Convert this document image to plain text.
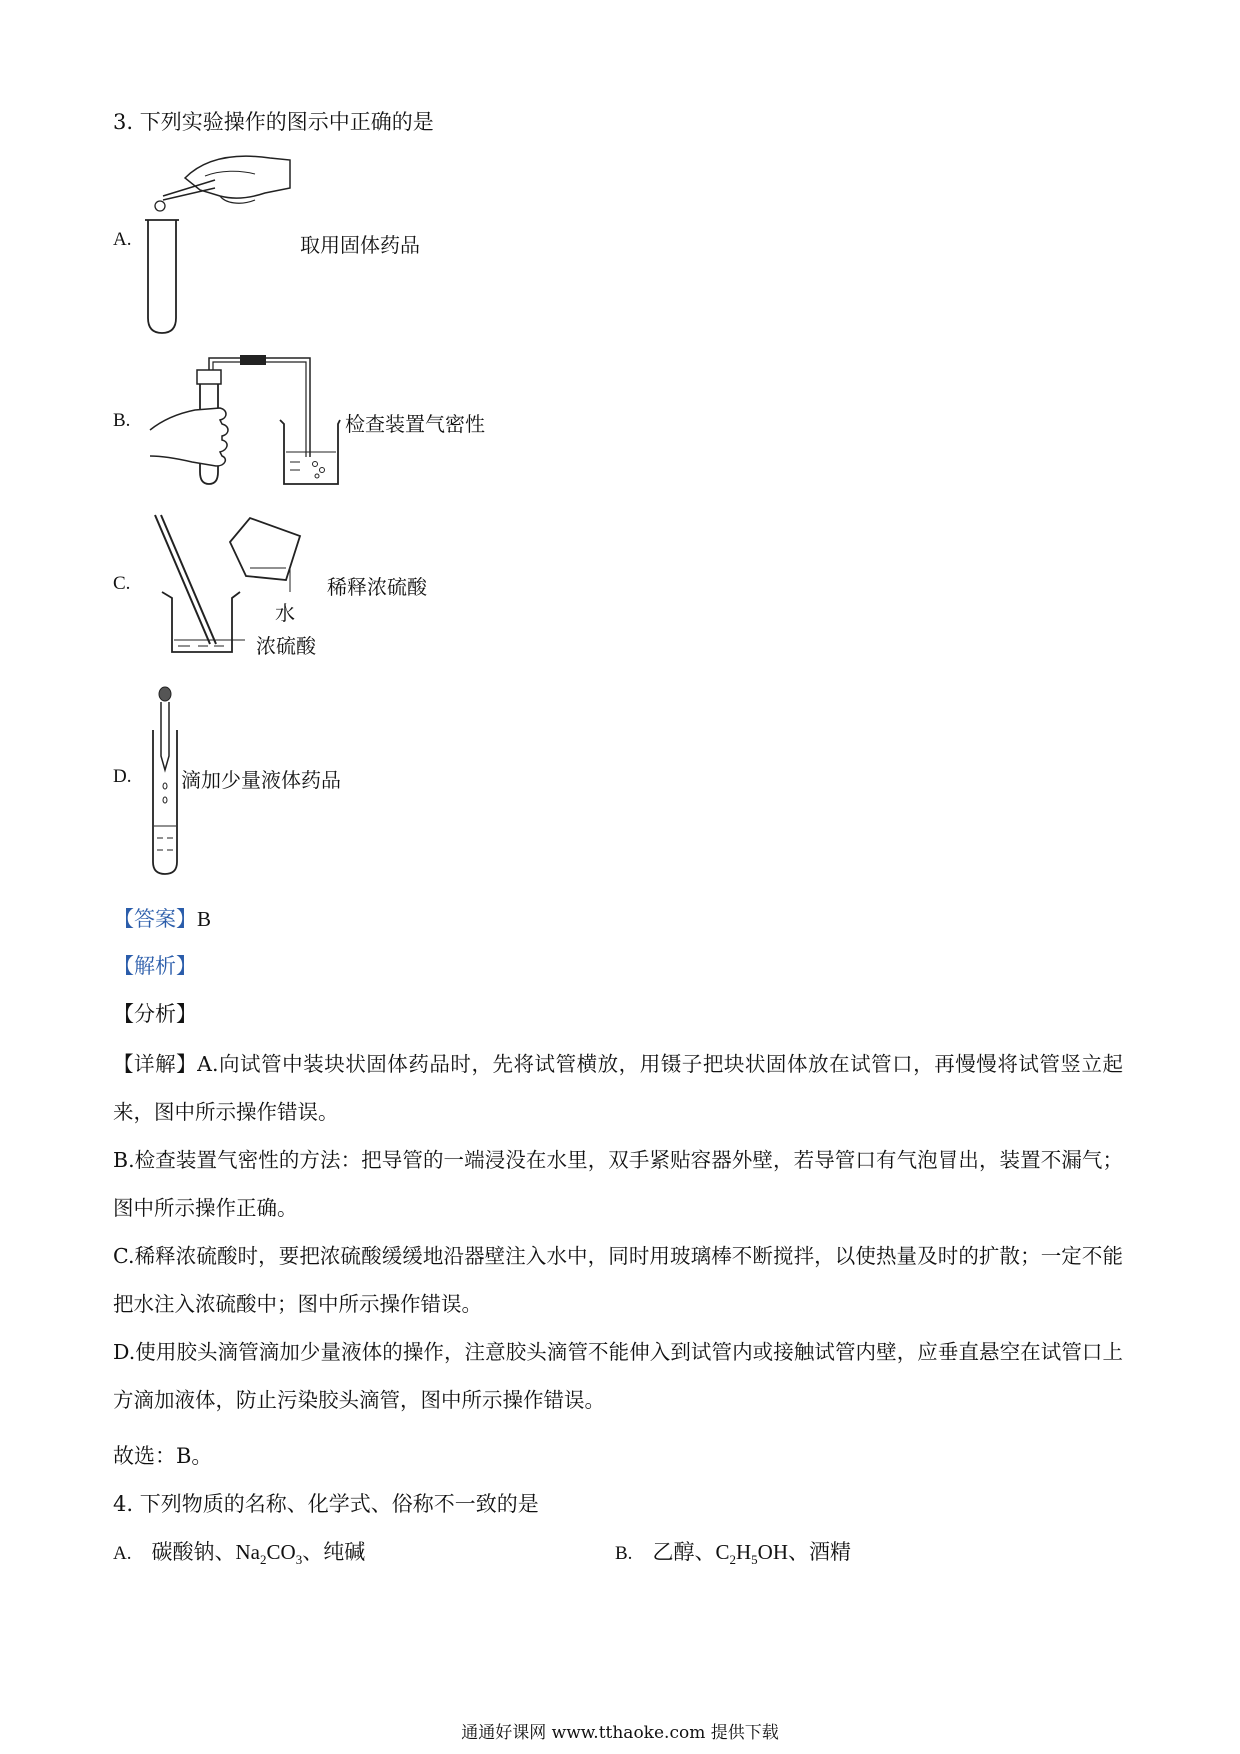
3. 下列实验操作的图示中正确的是
A.	取用固体药品
B.	检查装置气密性
C.	稀释浓硫酸
水
浓硫酸
D. 滴加少量液体药品
【答案】B
【解析】
【分析】
【详解】A.向试管中装块状固体药品时，先将试管横放，用镊子把块状固体放在试管口，再慢慢将试管竖立起来，图中所示操作错误。
B.检查装置气密性的方法：把导管的一端浸没在水里，双手紧贴容器外壁，若导管口有气泡冒出，装置不漏气；图中所示操作正确。
C.稀释浓硫酸时，要把浓硫酸缓缓地沿器壁注入水中，同时用玻璃棒不断搅拌，以使热量及时的扩散；一定不能把水注入浓硫酸中；图中所示操作错误。
D.使用胶头滴管滴加少量液体的操作，注意胶头滴管不能伸入到试管内或接触试管内壁，应垂直悬空在试管口上方滴加液体，防止污染胶头滴管，图中所示操作错误。
故选：B。
4. 下列物质的名称、化学式、俗称不一致的是
A. 碳酸钠、$Na_2CO_3$、纯碱	B. 乙醇、$C_2H_5OH$、酒精
通通好课网 www.tthaoke.com 提供下载
